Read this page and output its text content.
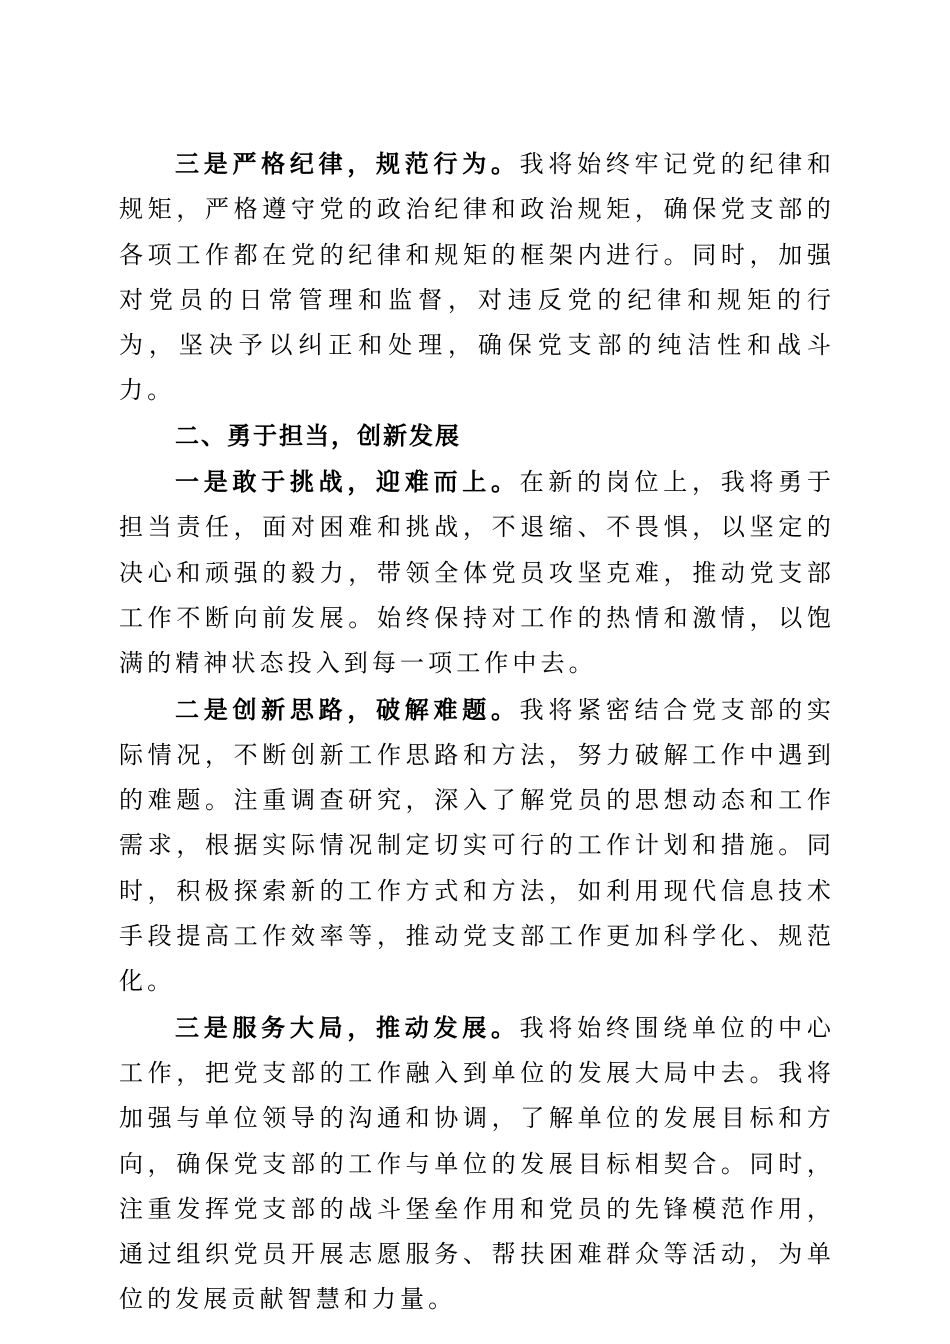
三是严格纪律，规范行为。我将始终牢记党的纪律和规矩，严格遵守党的政治纪律和政治规矩，确保党支部的各项工作都在党的纪律和规矩的框架内进行。同时，加强对党员的日常管理和监督，对违反党的纪律和规矩的行为，坚决予以纠正和处理，确保党支部的纯洁性和战斗力。

二、勇于担当，创新发展

一是敢于挑战，迎难而上。在新的岗位上，我将勇于担当责任，面对困难和挑战，不退缩、不畏惧，以坚定的决心和顽强的毅力，带领全体党员攻坚克难，推动党支部工作不断向前发展。始终保持对工作的热情和激情，以饱满的精神状态投入到每一项工作中去。

二是创新思路，破解难题。我将紧密结合党支部的实际情况，不断创新工作思路和方法，努力破解工作中遇到的难题。注重调查研究，深入了解党员的思想动态和工作需求，根据实际情况制定切实可行的工作计划和措施。同时，积极探索新的工作方式和方法，如利用现代信息技术手段提高工作效率等，推动党支部工作更加科学化、规范化。

三是服务大局，推动发展。我将始终围绕单位的中心工作，把党支部的工作融入到单位的发展大局中去。我将加强与单位领导的沟通和协调，了解单位的发展目标和方向，确保党支部的工作与单位的发展目标相契合。同时，注重发挥党支部的战斗堡垒作用和党员的先锋模范作用，通过组织党员开展志愿服务、帮扶困难群众等活动，为单位的发展贡献智慧和力量。
